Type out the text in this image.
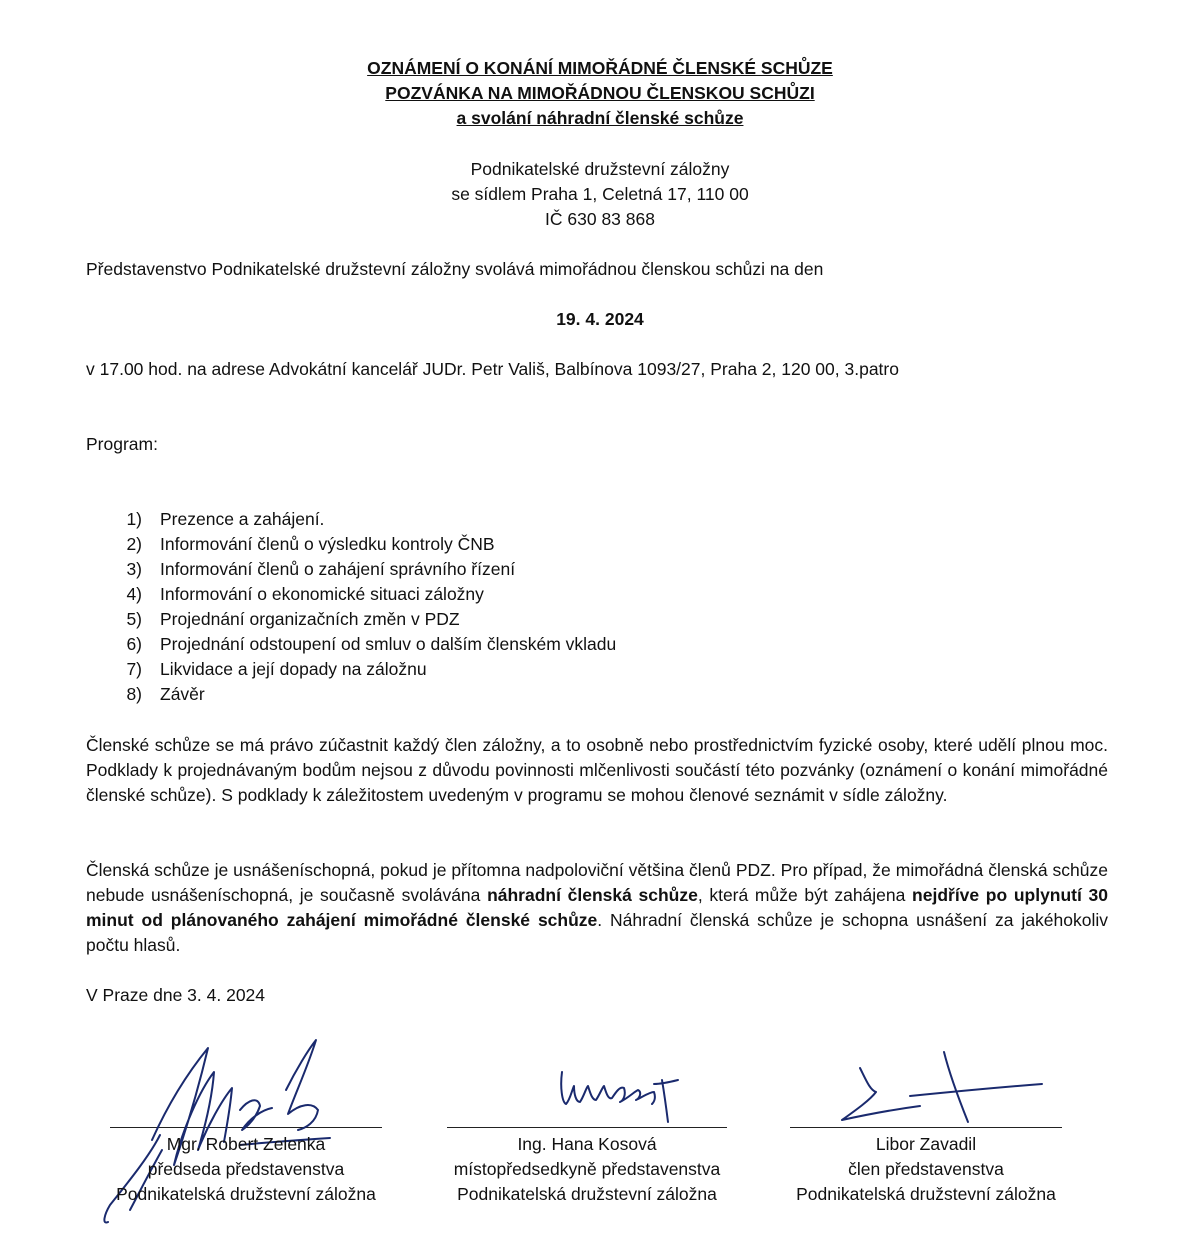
OZNÁMENÍ O KONÁNÍ MIMOŘÁDNÉ ČLENSKÉ SCHŮZE
POZVÁNKA NA MIMOŘÁDNOU ČLENSKOU SCHŮZI
a svolání náhradní členské schůze
Podnikatelské družstevní záložny
se sídlem Praha 1, Celetná 17, 110 00
IČ 630 83 868
Představenstvo Podnikatelské družstevní záložny svolává mimořádnou členskou schůzi na den
19. 4. 2024
v 17.00 hod. na adrese Advokátní kancelář JUDr. Petr Vališ, Balbínova 1093/27, Praha 2, 120 00, 3.patro
Program:
1) Prezence a zahájení.
2) Informování členů o výsledku kontroly ČNB
3) Informování členů o zahájení správního řízení
4) Informování o ekonomické situaci záložny
5) Projednání organizačních změn v PDZ
6) Projednání odstoupení od smluv o dalším členském vkladu
7) Likvidace a její dopady na záložnu
8) Závěr
Členské schůze se má právo zúčastnit každý člen záložny, a to osobně nebo prostřednictvím fyzické osoby, které udělí plnou moc. Podklady k projednávaným bodům nejsou z důvodu povinnosti mlčenlivosti součástí této pozvánky (oznámení o konání mimořádné členské schůze). S podklady k záležitostem uvedeným v programu se mohou členové seznámit v sídle záložny.
Členská schůze je usnášeníschopná, pokud je přítomna nadpoloviční většina členů PDZ. Pro případ, že mimořádná členská schůze nebude usnášeníschopná, je současně svolávána náhradní členská schůze, která může být zahájena nejdříve po uplynutí 30 minut od plánovaného zahájení mimořádné členské schůze. Náhradní členská schůze je schopna usnášení za jakéhokoliv počtu hlasů.
V Praze dne 3. 4. 2024
Mgr. Robert Zelenka
předseda představenstva
Podnikatelská družstevní záložna
Ing. Hana Kosová
místopředsedkyně představenstva
Podnikatelská družstevní záložna
Libor Zavadil
člen představenstva
Podnikatelská družstevní záložna
